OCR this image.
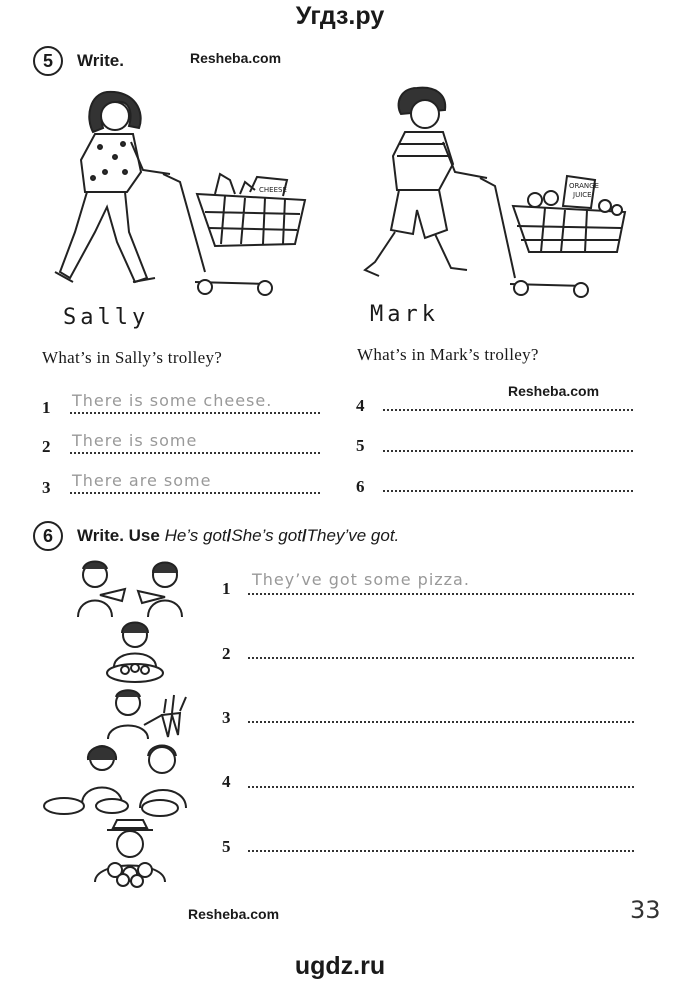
Угдз.ру
5	Write.	Resheba.com
CHEESE	ORANGE
JUICE
Sally	Mark
What’s in Sally’s trolley?	What’s in Mark’s trolley?
Resheba.com
1 There is some cheese.
2 There is some
3 There are some
4
5
6
6	Write. Use He’s got/She’s got/They’ve got.
1 They’ve got some pizza.
2
3
4
5
Resheba.com	33
ugdz.ru
